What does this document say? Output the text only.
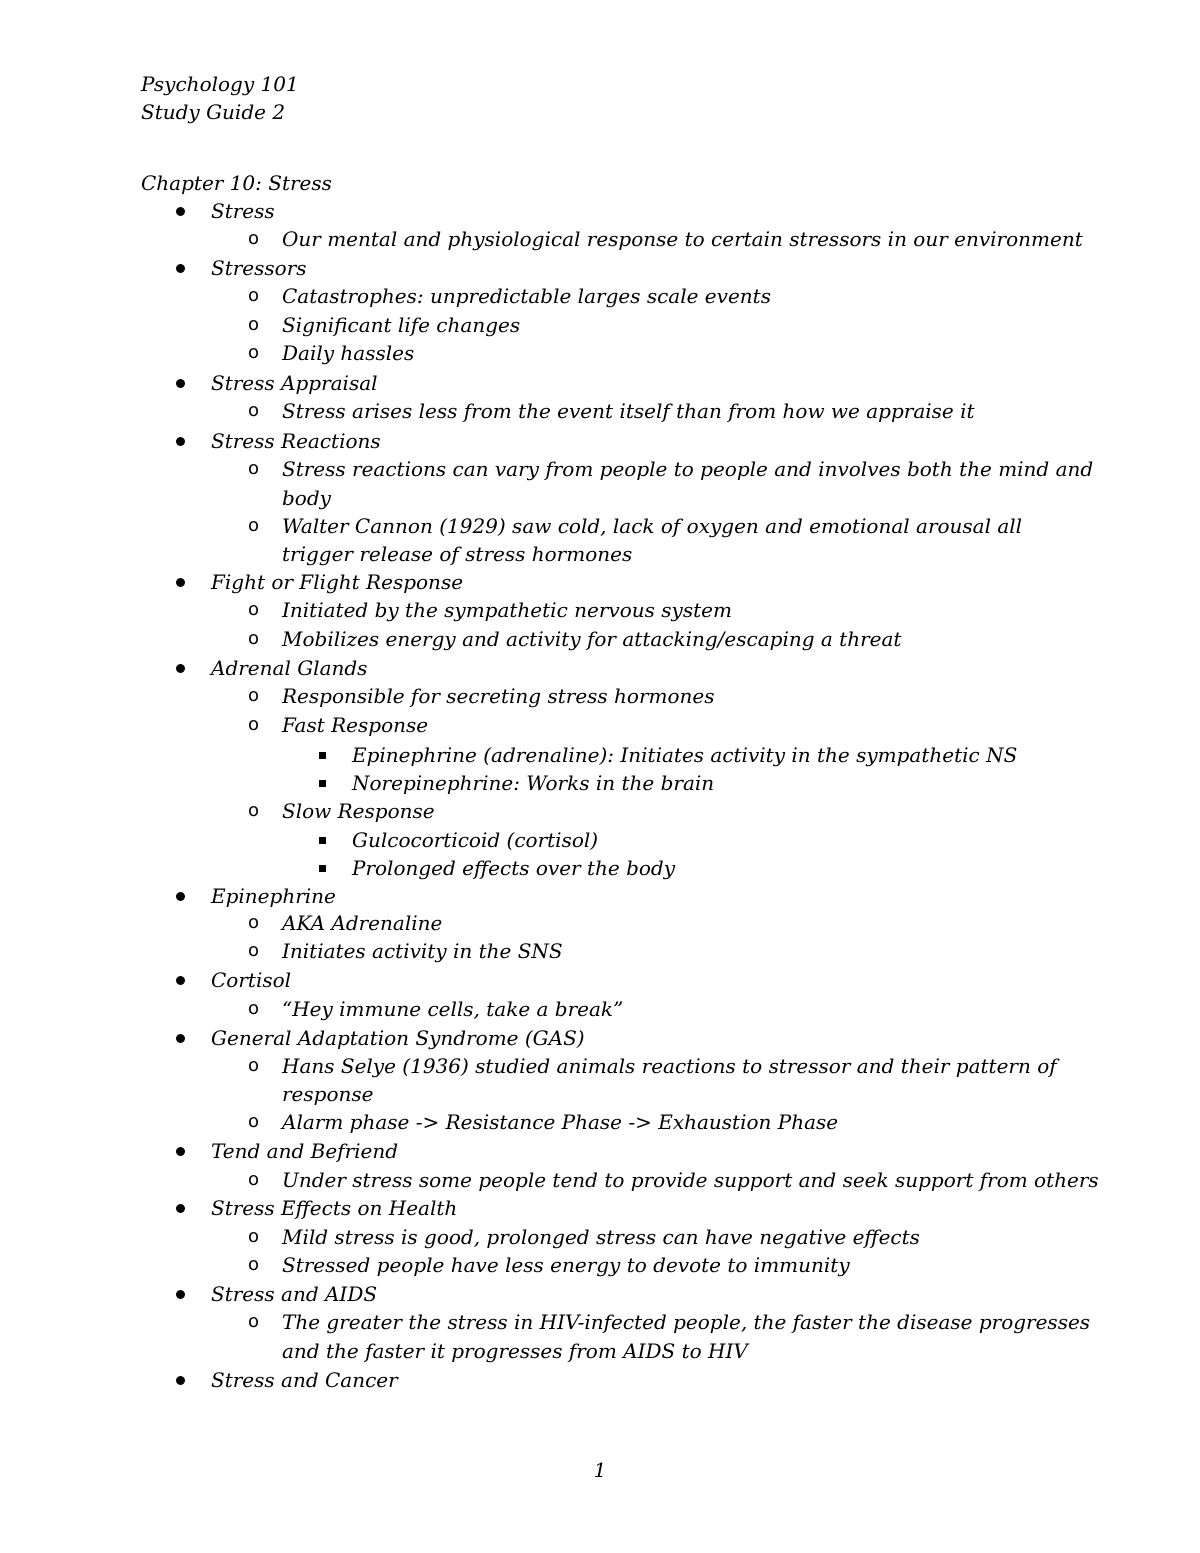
Psychology 101
Study Guide 2
Chapter 10: Stress
Stress
o Our mental and physiological response to certain stressors in our environment
Stressors
o Catastrophes: unpredictable larges scale events
o Significant life changes
o Daily hassles
Stress Appraisal
o Stress arises less from the event itself than from how we appraise it
Stress Reactions
o Stress reactions can vary from people to people and involves both the mind and
body
o Walter Cannon (1929) saw cold, lack of oxygen and emotional arousal all
trigger release of stress hormones
Fight or Flight Response
o Initiated by the sympathetic nervous system
o Mobilizes energy and activity for attacking/escaping a threat
Adrenal Glands
o Responsible for secreting stress hormones
o Fast Response
Epinephrine (adrenaline): Initiates activity in the sympathetic NS
Norepinephrine: Works in the brain
o Slow Response
Gulcocorticoid (cortisol)
Prolonged effects over the body
Epinephrine
o AKA Adrenaline
o Initiates activity in the SNS
Cortisol
o “Hey immune cells, take a break”
General Adaptation Syndrome (GAS)
o Hans Selye (1936) studied animals reactions to stressor and their pattern of
response
o Alarm phase -> Resistance Phase -> Exhaustion Phase
Tend and Befriend
o Under stress some people tend to provide support and seek support from others
Stress Effects on Health
o Mild stress is good, prolonged stress can have negative effects
o Stressed people have less energy to devote to immunity
Stress and AIDS
o The greater the stress in HIV-infected people, the faster the disease progresses
and the faster it progresses from AIDS to HIV
Stress and Cancer
1
